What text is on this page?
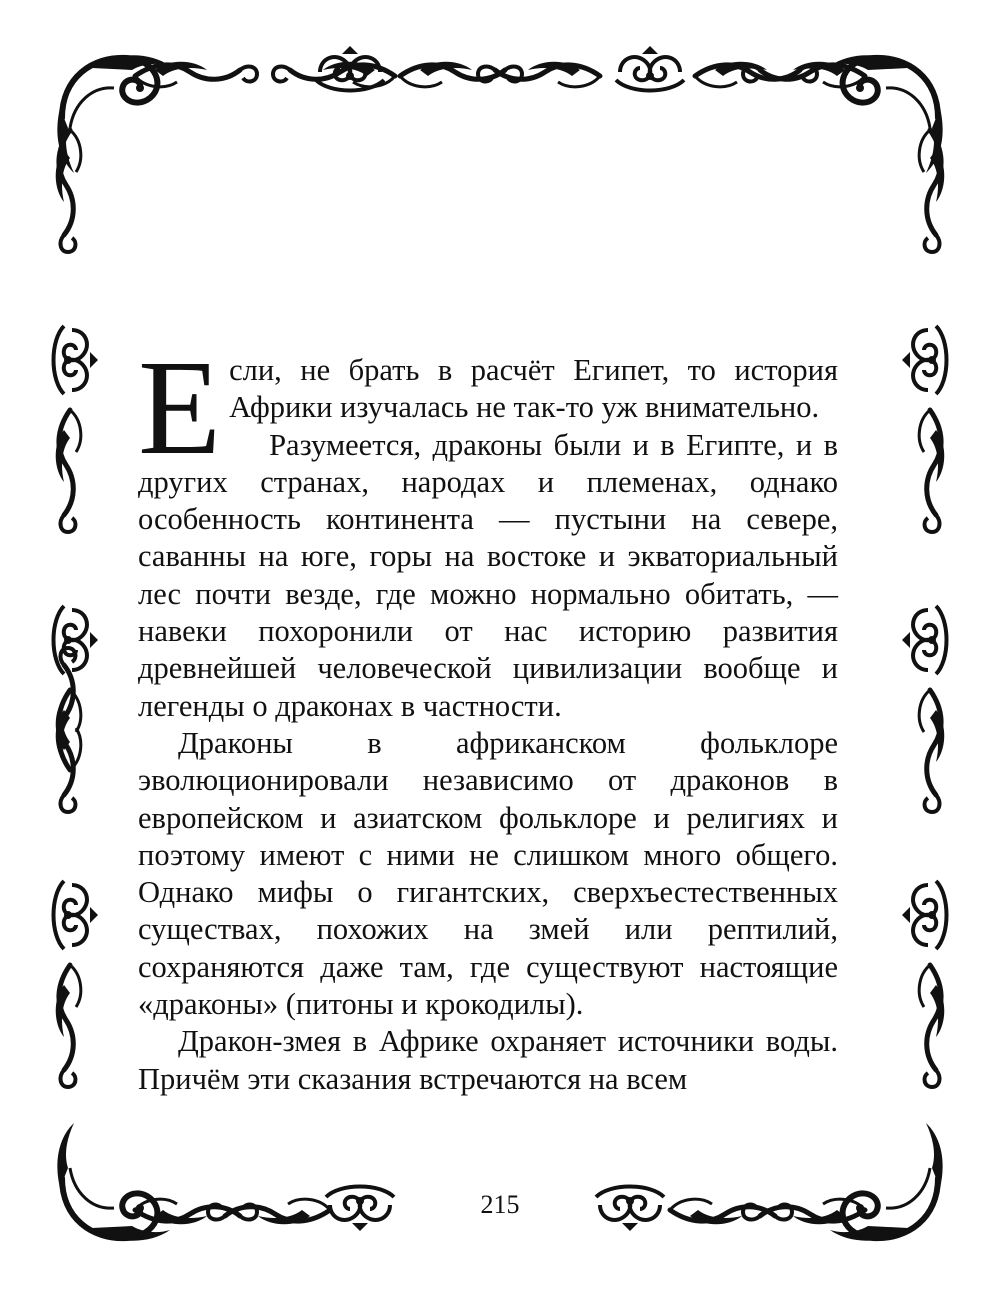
Если, не брать в расчёт Египет, то история Африки изучалась не так-то уж внимательно.

Разумеется, драконы были и в Египте, и в других странах, народах и племенах, однако особенность континента — пустыни на севере, саванны на юге, горы на востоке и экваториальный лес почти везде, где можно нормально обитать, — навеки похоронили от нас историю развития древнейшей человеческой цивилизации вообще и легенды о драконах в частности.

Драконы в африканском фольклоре эволюционировали независимо от драконов в европейском и азиатском фольклоре и религиях и поэтому имеют с ними не слишком много общего. Однако мифы о гигантских, сверхъестественных существах, похожих на змей или рептилий, сохраняются даже там, где существуют настоящие «драконы» (питоны и крокодилы).

Дракон-змея в Африке охраняет источники воды. Причём эти сказания встречаются на всем

215
